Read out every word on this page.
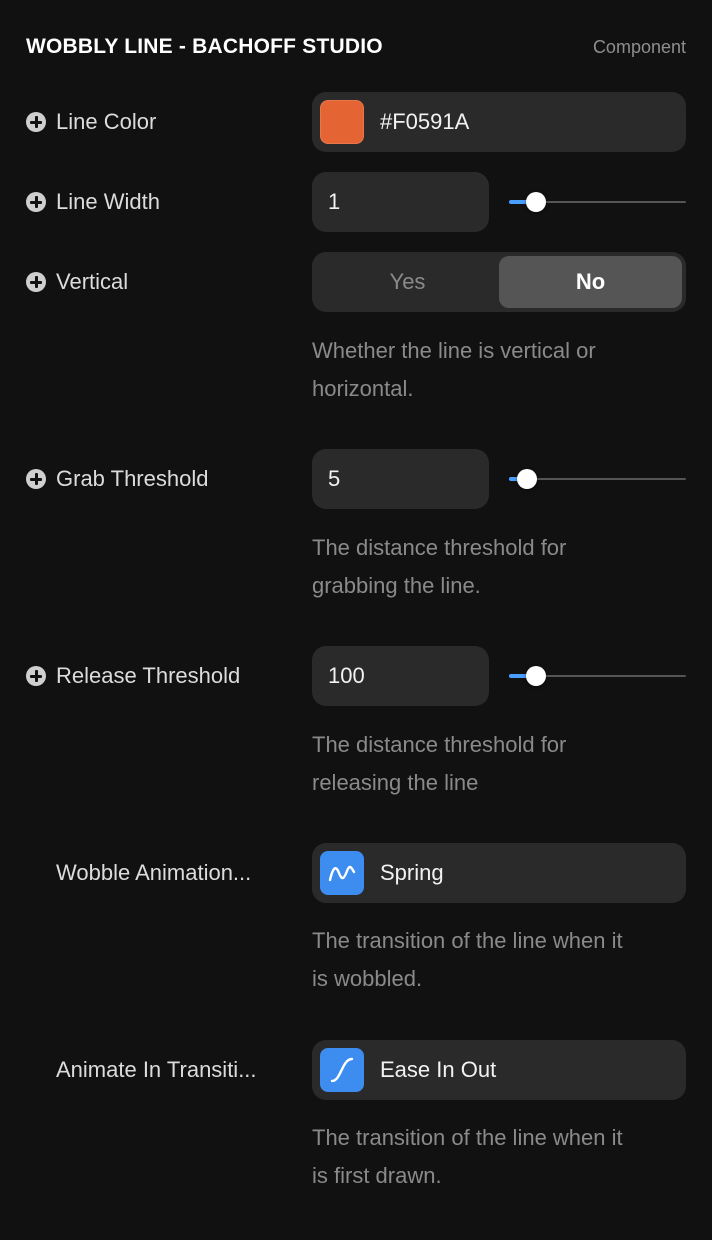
WOBBLY LINE - BACHOFF STUDIO	Component
Line Color	#F0591A
Line Width	1
Vertical	Yes	No
Whether the line is vertical or
horizontal.
Grab Threshold	5
The distance threshold for
grabbing the line.
Release Threshold	100
The distance threshold for
releasing the line
Wobble Animation...	Spring
The transition of the line when it
is wobbled.
Animate In Transiti...	Ease In Out
The transition of the line when it
is first drawn.
